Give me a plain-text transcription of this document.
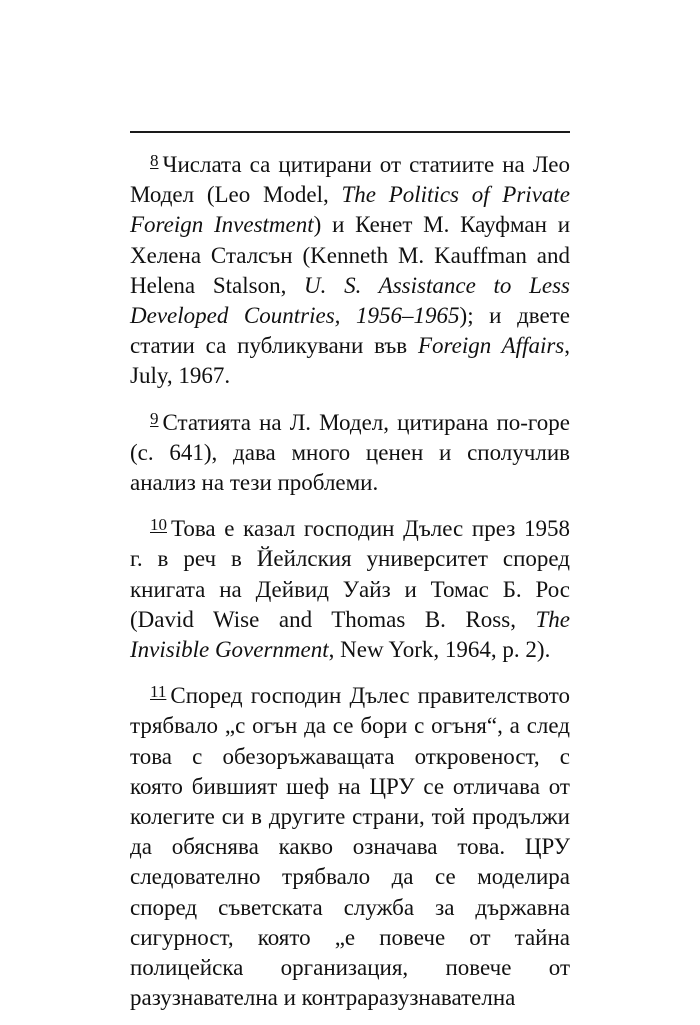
$^8$ Числата са цитирани от статиите на Лео Модел (Leo Model, The Politics of Private Foreign Investment) и Кенет М. Кауфман и Хелена Сталсън (Kenneth M. Kauffman and Helena Stalson, U. S. Assistance to Less Developed Countries, 1956–1965); и двете статии са публикувани във Foreign Affairs, July, 1967.

$^9$ Статията на Л. Модел, цитирана по-горе (с. 641), дава много ценен и сполучлив анализ на тези проблеми.

$^{10}$ Това е казал господин Дълес през 1958 г. в реч в Йейлския университет според книгата на Дейвид Уайз и Томас Б. Рос (David Wise and Thomas B. Ross, The Invisible Government, New York, 1964, p. 2).

$^{11}$ Според господин Дълес правителството трябвало „с огън да се бори с огъня“, а след това с обезоръжаващата откровеност, с която бившият шеф на ЦРУ се отличава от колегите си в другите страни, той продължи да обяснява какво означава това. ЦРУ следователно трябвало да се моделира според съветската служба за държавна сигурност, която „е повече от тайна полицейска организация, повече от разузнавателна и контраразузнавателна
